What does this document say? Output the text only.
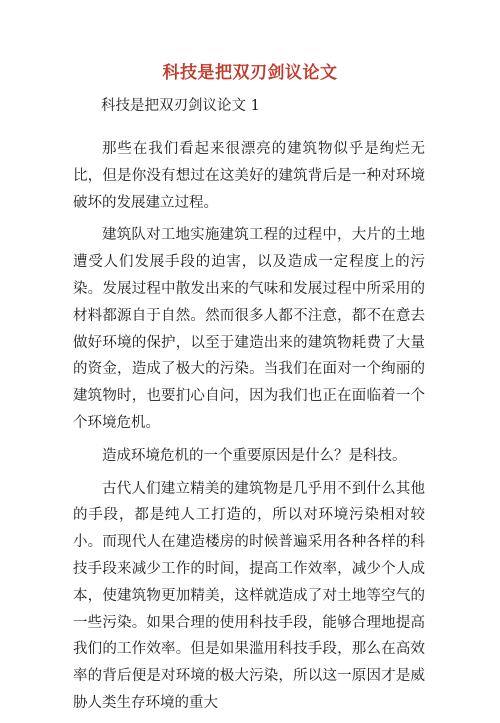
科技是把双刃剑议论文
科技是把双刃剑议论文 1

那些在我们看起来很漂亮的建筑物似乎是绚烂无比，但是你没有想过在这美好的建筑背后是一种对环境破坏的发展建立过程。

建筑队对工地实施建筑工程的过程中，大片的土地遭受人们发展手段的迫害，以及造成一定程度上的污染。发展过程中散发出来的气味和发展过程中所采用的材料都源自于自然。然而很多人都不注意，都不在意去做好环境的保护，以至于建造出来的建筑物耗费了大量的资金，造成了极大的污染。当我们在面对一个绚丽的建筑物时，也要扪心自问，因为我们也正在面临着一个个环境危机。

造成环境危机的一个重要原因是什么？是科技。

古代人们建立精美的建筑物是几乎用不到什么其他的手段，都是纯人工打造的，所以对环境污染相对较小。而现代人在建造楼房的时候普遍采用各种各样的科技手段来减少工作的时间，提高工作效率，减少个人成本，使建筑物更加精美，这样就造成了对土地等空气的一些污染。如果合理的使用科技手段，能够合理地提高我们的工作效率。但是如果滥用科技手段，那么在高效率的背后便是对环境的极大污染，所以这一原因才是威胁人类生存环境的重大
